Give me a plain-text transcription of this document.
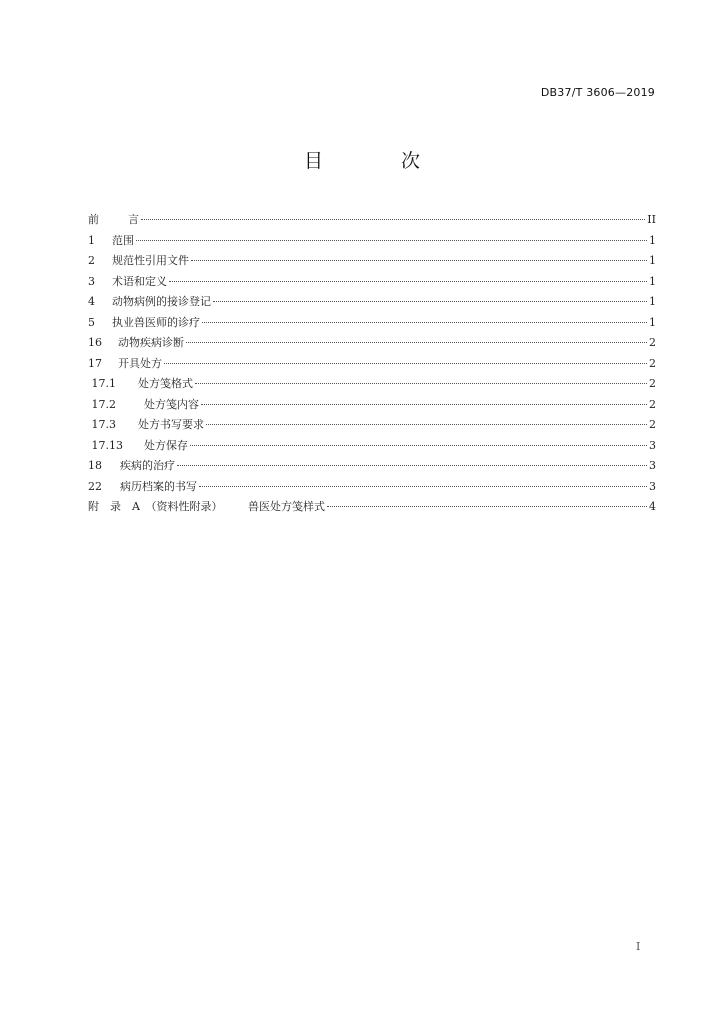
DB37/T 3606—2019
目 次
前	言	II
1	范围	1
2	规范性引用文件	1
3	术语和定义	1
4	动物病例的接诊登记	1
5	执业兽医师的诊疗	1
16	动物疾病诊断	2
17	开具处方	2
17.1	处方笺格式	2
17.2	处方笺内容	2
17.3	处方书写要求	2
17.13	处方保存	3
18	疾病的治疗	3
22	病历档案的书写	3
附　录　A　（资料性附录）	兽医处方笺样式	4
I
